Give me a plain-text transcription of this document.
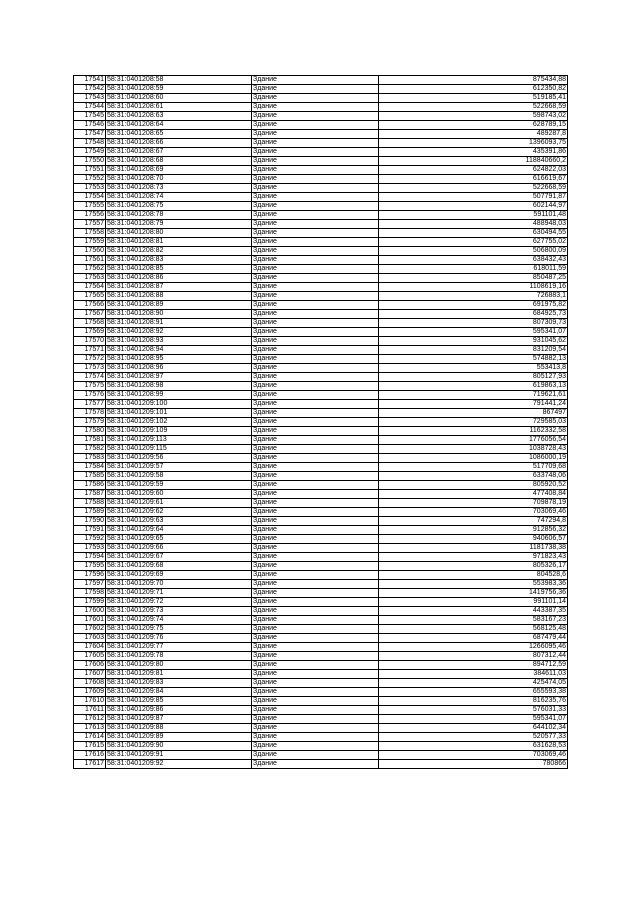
17541	58:31:0401208:58	Здание	875434,88
17542	58:31:0401208:59	Здание	612350,82
17543	58:31:0401208:60	Здание	519185,41
17544	58:31:0401208:61	Здание	522668,59
17545	58:31:0401208:63	Здание	598743,02
17546	58:31:0401208:64	Здание	628789,15
17547	58:31:0401208:65	Здание	489287,8
17548	58:31:0401208:66	Здание	1396093,75
17549	58:31:0401208:67	Здание	435391,86
17550	58:31:0401208:68	Здание	118840660,2
17551	58:31:0401208:69	Здание	624822,03
17552	58:31:0401208:70	Здание	616619,67
17553	58:31:0401208:73	Здание	522668,59
17554	58:31:0401208:74	Здание	507791,87
17555	58:31:0401208:75	Здание	602144,97
17556	58:31:0401208:78	Здание	591101,48
17557	58:31:0401208:79	Здание	488948,03
17558	58:31:0401208:80	Здание	630494,55
17559	58:31:0401208:81	Здание	627755,02
17560	58:31:0401208:82	Здание	506800,09
17561	58:31:0401208:83	Здание	638432,43
17562	58:31:0401208:85	Здание	618011,59
17563	58:31:0401208:86	Здание	850487,25
17564	58:31:0401208:87	Здание	1108619,16
17565	58:31:0401208:88	Здание	726883,1
17566	58:31:0401208:89	Здание	691975,82
17567	58:31:0401208:90	Здание	684925,73
17568	58:31:0401208:91	Здание	807309,73
17569	58:31:0401208:92	Здание	595341,07
17570	58:31:0401208:93	Здание	931045,62
17571	58:31:0401208:94	Здание	831209,54
17572	58:31:0401208:95	Здание	574882,13
17573	58:31:0401208:96	Здание	553413,8
17574	58:31:0401208:97	Здание	805127,93
17575	58:31:0401208:98	Здание	619863,13
17576	58:31:0401208:99	Здание	719621,61
17577	58:31:0401209:100	Здание	791441,24
17578	58:31:0401209:101	Здание	867497
17579	58:31:0401209:102	Здание	729585,03
17580	58:31:0401209:109	Здание	1162332,58
17581	58:31:0401209:113	Здание	1776056,54
17582	58:31:0401209:115	Здание	1038728,43
17583	58:31:0401209:56	Здание	1086000,19
17584	58:31:0401209:57	Здание	517709,68
17585	58:31:0401209:58	Здание	633748,06
17586	58:31:0401209:59	Здание	805920,52
17587	58:31:0401209:60	Здание	477408,84
17588	58:31:0401209:61	Здание	709878,19
17589	58:31:0401209:62	Здание	703069,46
17590	58:31:0401209:63	Здание	747294,8
17591	58:31:0401209:64	Здание	912856,32
17592	58:31:0401209:65	Здание	940606,57
17593	58:31:0401209:66	Здание	1181738,38
17594	58:31:0401209:67	Здание	971823,43
17595	58:31:0401209:68	Здание	805326,17
17596	58:31:0401209:69	Здание	804528,6
17597	58:31:0401209:70	Здание	553983,36
17598	58:31:0401209:71	Здание	1419756,36
17599	58:31:0401209:72	Здание	991101,14
17600	58:31:0401209:73	Здание	443387,35
17601	58:31:0401209:74	Здание	583167,23
17602	58:31:0401209:75	Здание	568125,48
17603	58:31:0401209:76	Здание	687479,44
17604	58:31:0401209:77	Здание	1266095,46
17605	58:31:0401209:78	Здание	807312,44
17606	58:31:0401209:80	Здание	894712,59
17607	58:31:0401209:81	Здание	384611,03
17608	58:31:0401209:83	Здание	425474,05
17609	58:31:0401209:84	Здание	655593,38
17610	58:31:0401209:85	Здание	816235,76
17611	58:31:0401209:86	Здание	576031,33
17612	58:31:0401209:87	Здание	595341,07
17613	58:31:0401209:88	Здание	644102,34
17614	58:31:0401209:89	Здание	520577,33
17615	58:31:0401209:90	Здание	631628,53
17616	58:31:0401209:91	Здание	703069,46
17617	58:31:0401209:92	Здание	780866
